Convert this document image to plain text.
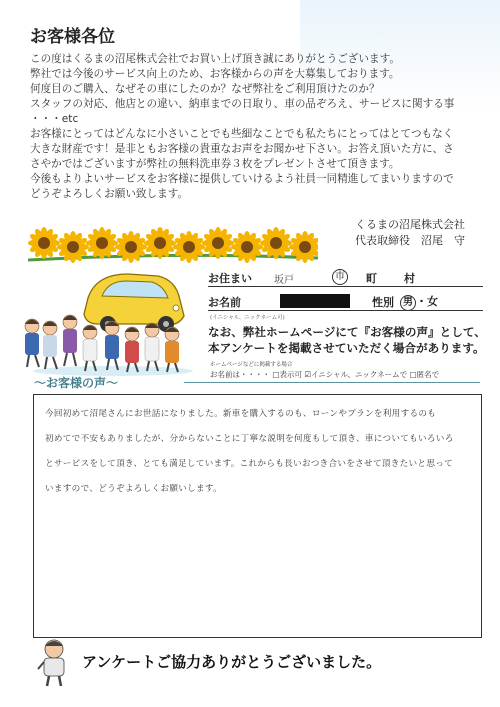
お客様各位

この度はくるまの沼尾株式会社でお買い上げ頂き誠にありがとうございます。

弊社では今後のサービス向上のため、お客様からの声を大募集しております。

何度目のご購入、なぜその車にしたのか？なぜ弊社をご利用頂けたのか？

スタッフの対応、他店との違い、納車までの日取り、車の品ぞろえ、サービスに関する事

・・・etc

お客様にとってはどんなに小さいことでも些細なことでも私たちにとってはとてつもなく

大きな財産です！是非ともお客様の貴重なお声をお聞かせ下さい。お答え頂いた方に、さ

さやかではございますが弊社の無料洗車券３枚をプレゼントさせて頂きます。

今後もよりよいサービスをお客様に提供していけるよう社員一同精進してまいりますので

どうぞよろしくお願い致します。

くるまの沼尾株式会社
代表取締役　沼尾　守
お住まい 坂戸	市 町 村
お名前	性別 男 ・女
(イニシャル、ニックネーム可)
なお、弊社ホームページにて『お客様の声』として、本アンケートを掲載させていただく場合があります。
ホームページなどに掲載する場合
お名前は・・・・ □表示可 ☑イニシャル、ニックネームで □匿名で
～お客様の声～
今回初めて沼尾さんにお世話になりました。新車を購入するのも、ローンやプランを利用するのも
初めてで不安もありましたが、分からないことに丁寧な説明を何度もして頂き、車についてもいろいろ
とサービスをして頂き、とても満足しています。これからも長いおつき合いをさせて頂きたいと思って
いますので、どうぞよろしくお願いします。
アンケートご協力ありがとうございました。
